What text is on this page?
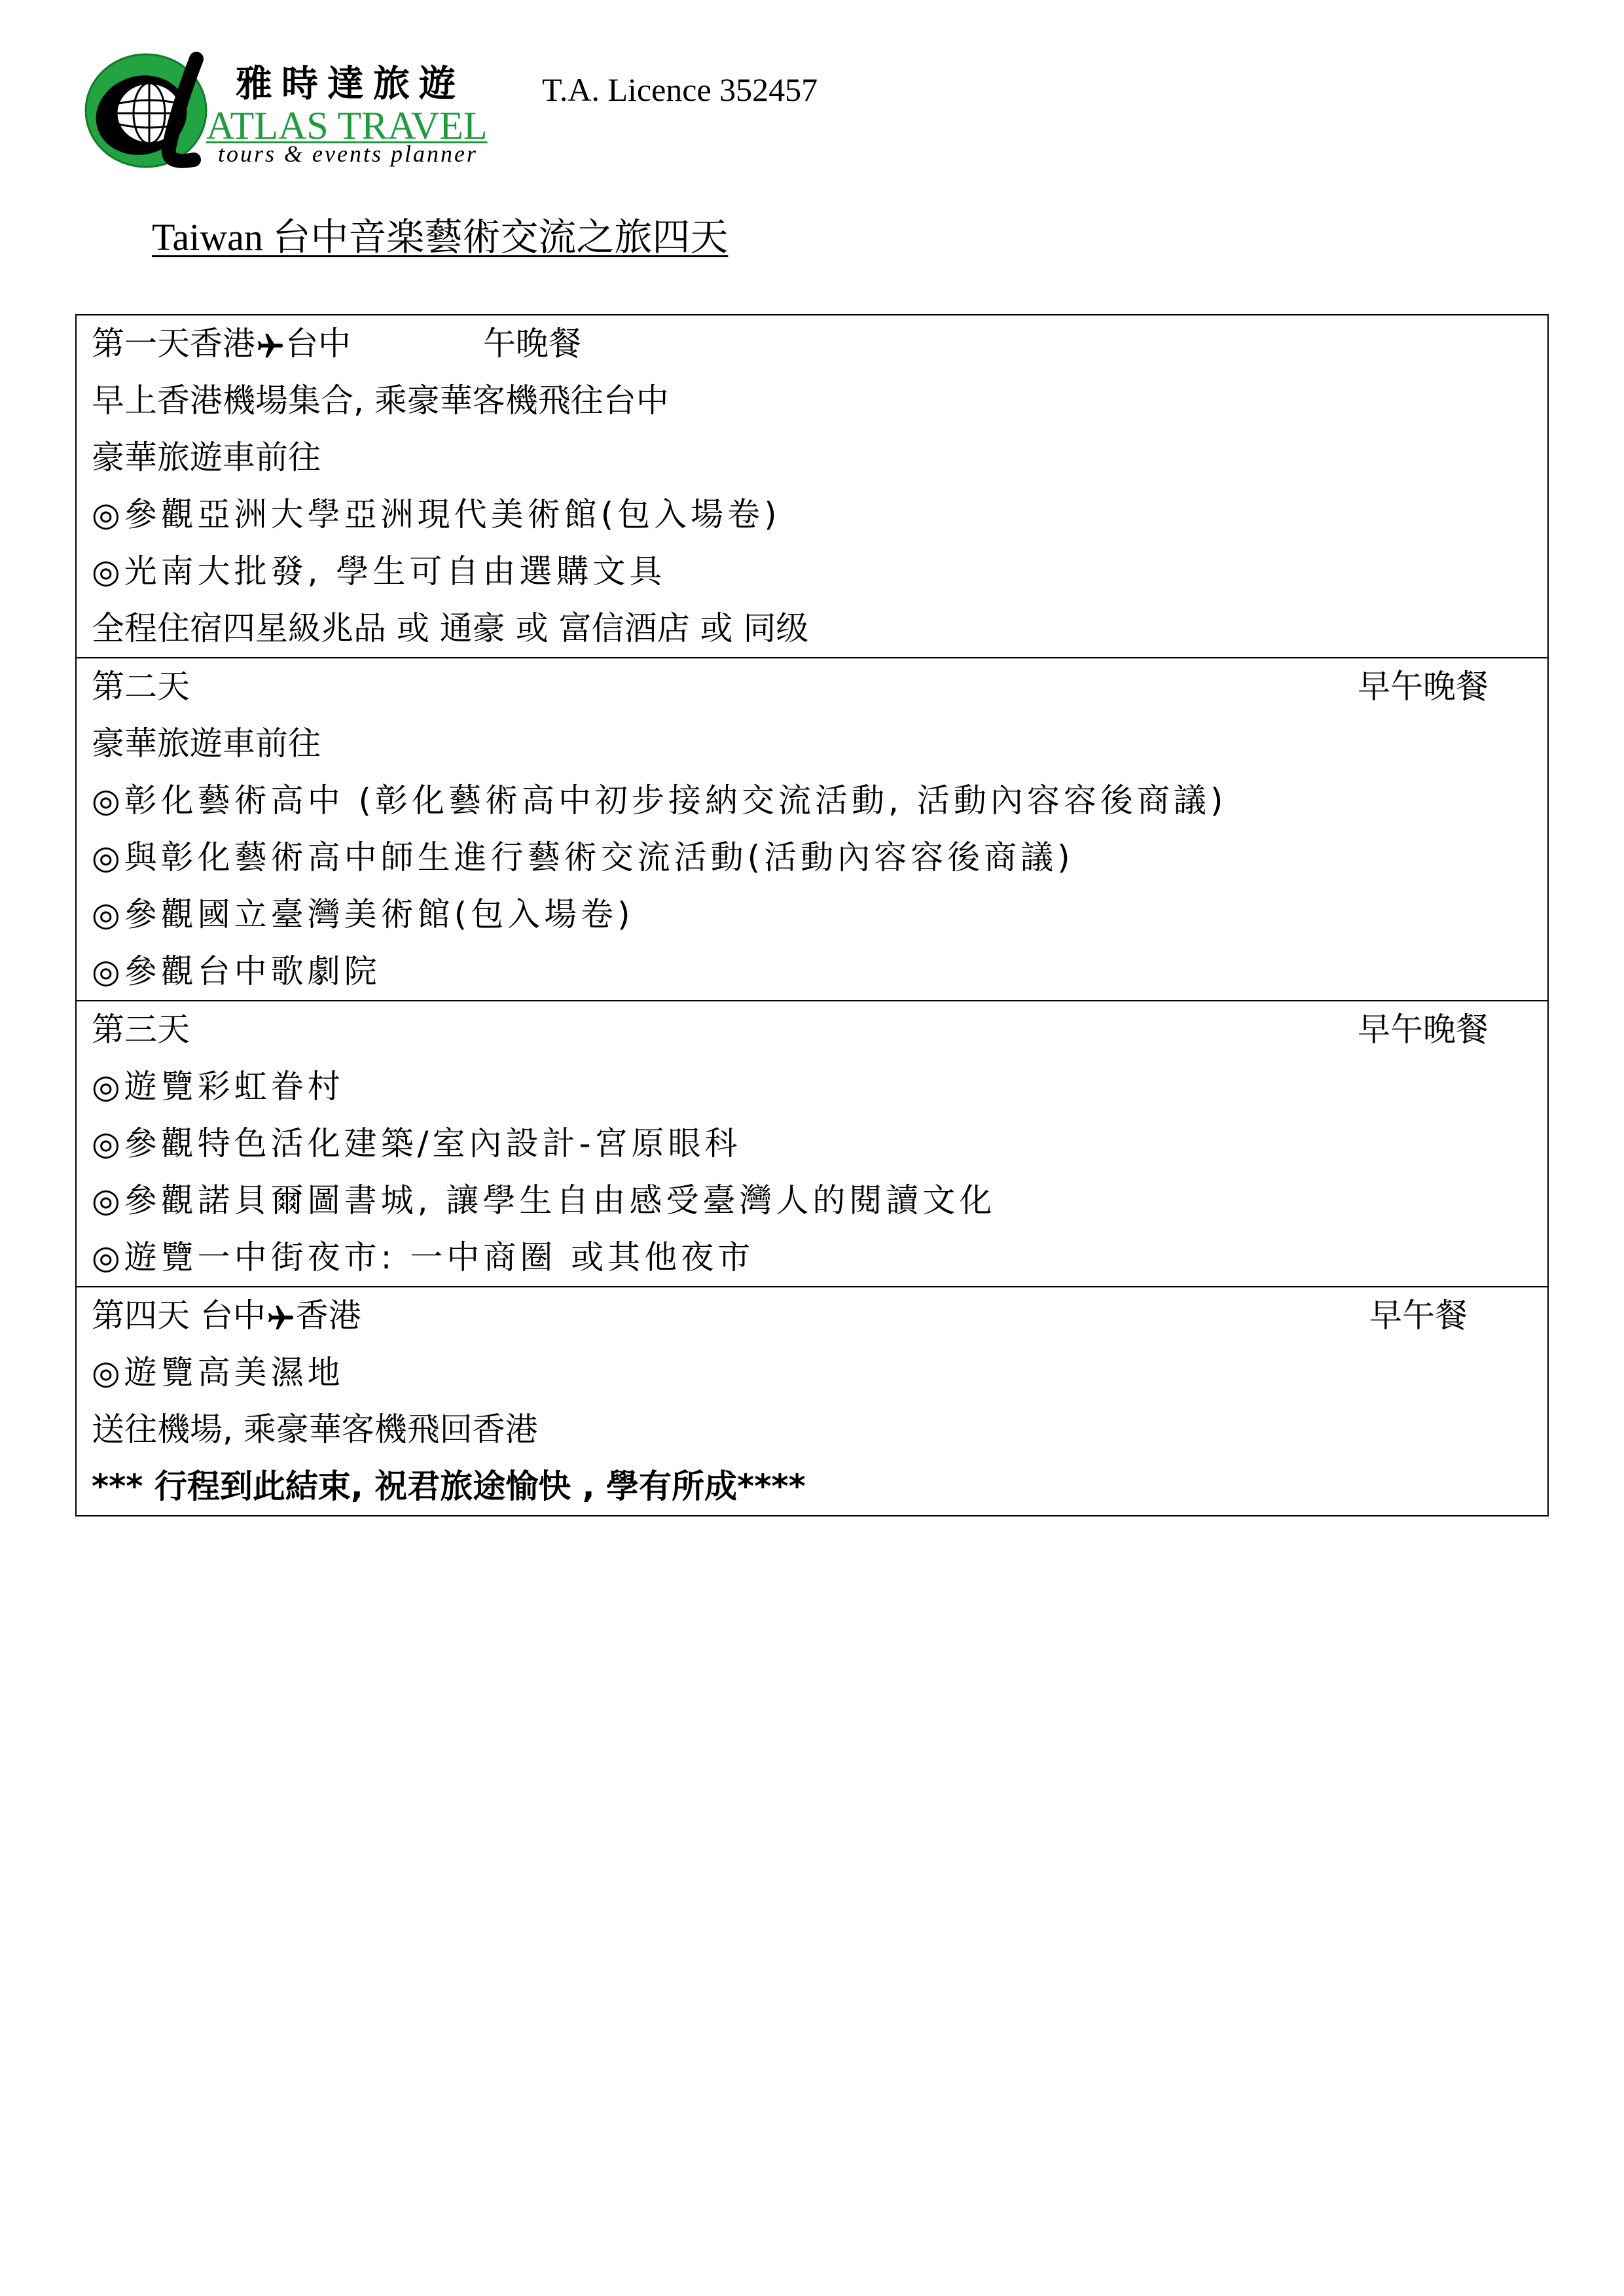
雅時達旅遊
ATLAS TRAVEL
tours & events planner
T.A. Licence 352457
Taiwan 台中音楽藝術交流之旅四天
第一天香港 台中	午晚餐
早上香港機場集合, 乘豪華客機飛往台中
豪華旅遊車前往
◎參觀亞洲大學亞洲現代美術館(包入場卷)
◎光南大批發, 學生可自由選購文具
全程住宿四星級兆品 或 通豪 或 富信酒店 或 同级
第二天	早午晚餐
豪華旅遊車前往
◎彰化藝術高中 (彰化藝術高中初步接納交流活動, 活動內容容後商議)
◎與彰化藝術高中師生進行藝術交流活動(活動內容容後商議)
◎參觀國立臺灣美術館(包入場卷)
◎參觀台中歌劇院
第三天	早午晚餐
◎遊覽彩虹眷村
◎參觀特色活化建築/室內設計-宮原眼科
◎參觀諾貝爾圖書城, 讓學生自由感受臺灣人的閱讀文化
◎遊覽一中街夜市: 一中商圈 或其他夜市
第四天 台中 香港	早午餐
◎遊覽高美濕地
送往機場, 乘豪華客機飛回香港
*** 行程到此結束, 祝君旅途愉快 , 學有所成****
